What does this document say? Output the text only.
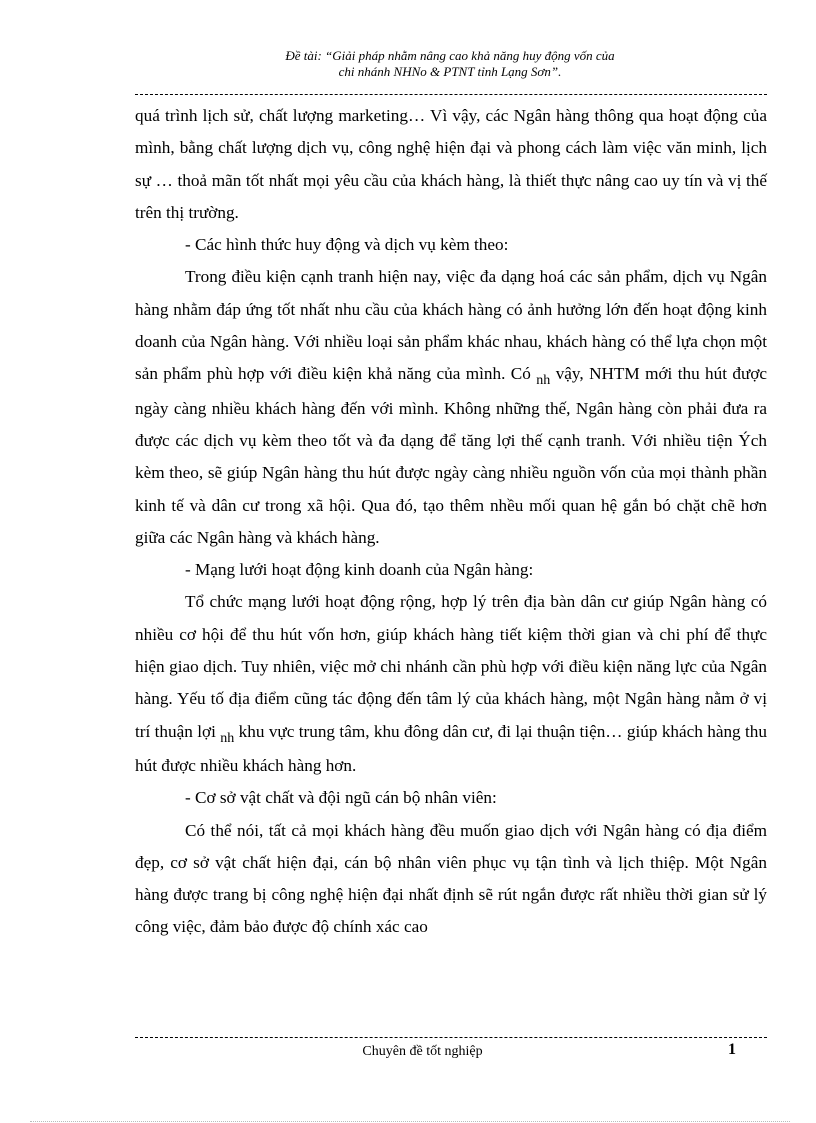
Đề tài: “Giải pháp nhằm nâng cao khả năng huy động vốn của
chi nhánh NHNo & PTNT tỉnh Lạng Sơn”.

quá trình lịch sử, chất lượng marketing… Vì vậy, các Ngân hàng thông qua hoạt động của mình, bằng chất lượng dịch vụ, công nghệ hiện đại và phong cách làm việc văn minh, lịch sự … thoả mãn tốt nhất mọi yêu cầu của khách hàng, là thiết thực nâng cao uy tín và vị thế trên thị trường.

- Các hình thức huy động và dịch vụ kèm theo:

Trong điều kiện cạnh tranh hiện nay, việc đa dạng hoá các sản phẩm, dịch vụ Ngân hàng nhằm đáp ứng tốt nhất nhu cầu của khách hàng có ảnh hưởng lớn đến hoạt động kinh doanh của Ngân hàng. Với nhiều loại sản phẩm khác nhau, khách hàng có thể lựa chọn một sản phẩm phù hợp với điều kiện khả năng của mình. Có $_{nh}$ vậy, NHTM mới thu hút được ngày càng nhiều khách hàng đến với mình. Không những thế, Ngân hàng còn phải đưa ra được các dịch vụ kèm theo tốt và đa dạng để tăng lợi thế cạnh tranh. Với nhiều tiện Ých kèm theo, sẽ giúp Ngân hàng thu hút được ngày càng nhiều nguồn vốn của mọi thành phần kinh tế và dân cư trong xã hội. Qua đó, tạo thêm nhều mối quan hệ gắn bó chặt chẽ hơn giữa các Ngân hàng và khách hàng.

- Mạng lưới hoạt động kinh doanh của Ngân hàng:

Tổ chức mạng lưới hoạt động rộng, hợp lý trên địa bàn dân cư giúp Ngân hàng có nhiều cơ hội để thu hút vốn hơn, giúp khách hàng tiết kiệm thời gian và chi phí để thực hiện giao dịch. Tuy nhiên, việc mở chi nhánh cần phù hợp với điều kiện năng lực của Ngân hàng. Yếu tố địa điểm cũng tác động đến tâm lý của khách hàng, một Ngân hàng nằm ở vị trí thuận lợi $_{nh}$ khu vực trung tâm, khu đông dân cư, đi lại thuận tiện… giúp khách hàng thu hút được nhiều khách hàng hơn.

- Cơ sở vật chất và đội ngũ cán bộ nhân viên:

Có thể nói, tất cả mọi khách hàng đều muốn giao dịch với Ngân hàng có địa điểm đẹp, cơ sở vật chất hiện đại, cán bộ nhân viên phục vụ tận tình và lịch thiệp. Một Ngân hàng được trang bị công nghệ hiện đại nhất định sẽ rút ngắn được rất nhiều thời gian sử lý công việc, đảm bảo được độ chính xác cao

Chuyên đề tốt nghiệp	1
